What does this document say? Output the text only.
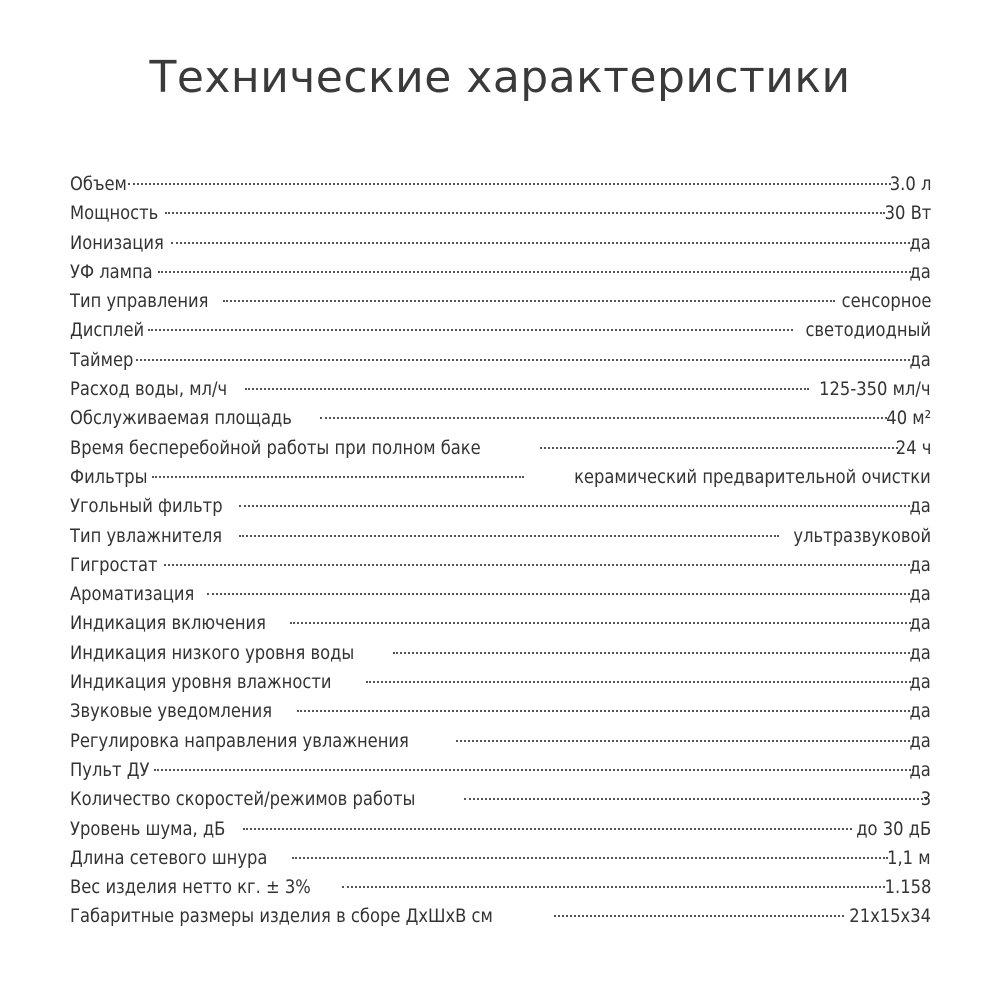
Технические характеристики
Объем	3.0 л
Мощность	30 Вт
Ионизация	да
УФ лампа	да
Тип управления	сенсорное
Дисплей	светодиодный
Таймер	да
Расход воды, мл/ч	125-350 мл/ч
Обслуживаемая площадь	40 м²
Время бесперебойной работы при полном баке	24 ч
Фильтры	керамический предварительной очистки
Угольный фильтр	да
Тип увлажнителя	ультразвуковой
Гигростат	да
Ароматизация	да
Индикация включения	да
Индикация низкого уровня воды	да
Индикация уровня влажности	да
Звуковые уведомления	да
Регулировка направления увлажнения	да
Пульт ДУ	да
Количество скоростей/режимов работы	3
Уровень шума, дБ	до 30 дБ
Длина сетевого шнура	1,1 м
Вес изделия нетто кг. ± 3%	1.158
Габаритные размеры изделия в сборе ДхШхВ см	21х15х34
